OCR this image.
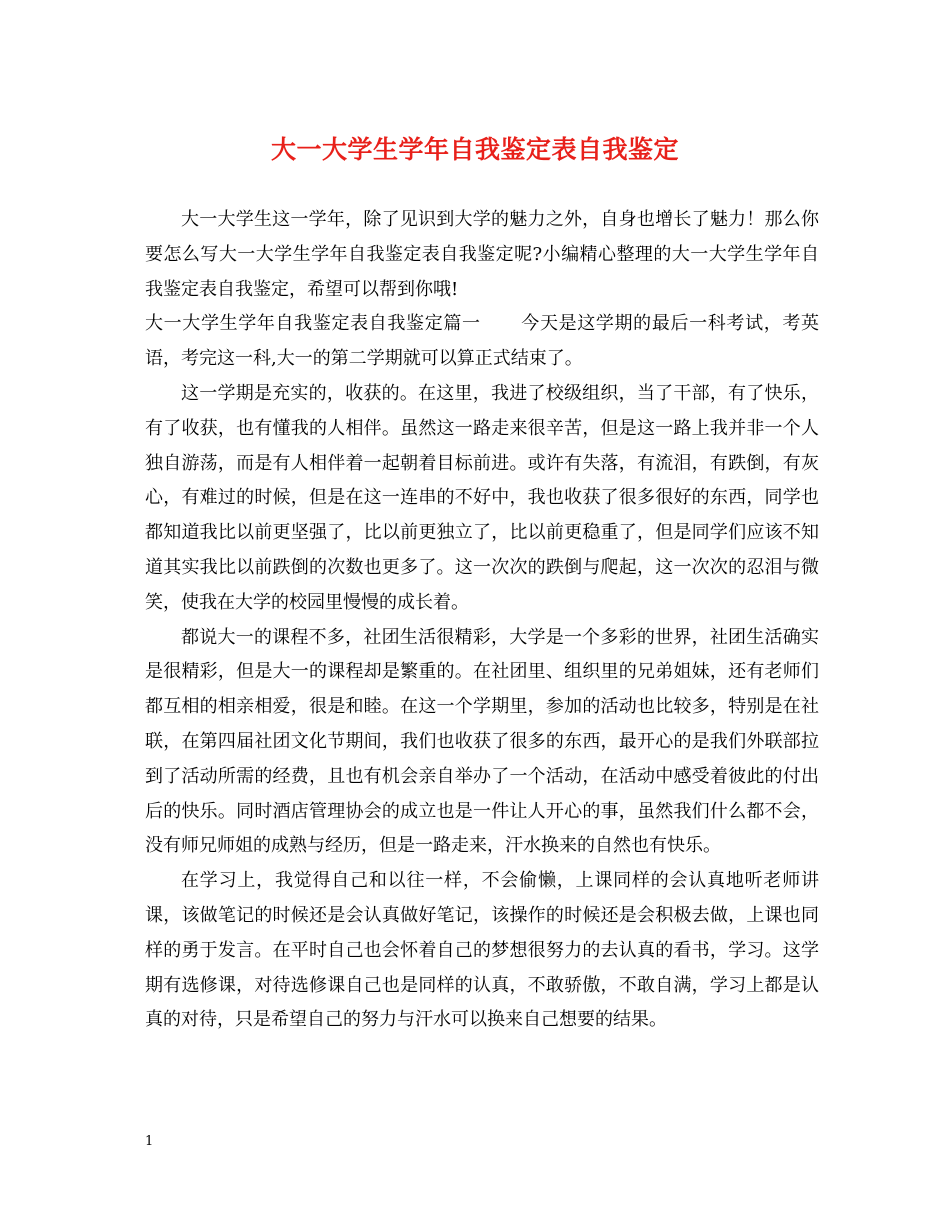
大一大学生学年自我鉴定表自我鉴定

大一大学生这一学年，除了见识到大学的魅力之外，自身也增长了魅力！那么你要怎么写大一大学生学年自我鉴定表自我鉴定呢?小编精心整理的大一大学生学年自我鉴定表自我鉴定，希望可以帮到你哦!

大一大学生学年自我鉴定表自我鉴定篇一 今天是这学期的最后一科考试，考英语，考完这一科,大一的第二学期就可以算正式结束了。

这一学期是充实的，收获的。在这里，我进了校级组织，当了干部，有了快乐，有了收获，也有懂我的人相伴。虽然这一路走来很辛苦，但是这一路上我并非一个人独自游荡，而是有人相伴着一起朝着目标前进。或许有失落，有流泪，有跌倒，有灰心，有难过的时候，但是在这一连串的不好中，我也收获了很多很好的东西，同学也都知道我比以前更坚强了，比以前更独立了，比以前更稳重了，但是同学们应该不知道其实我比以前跌倒的次数也更多了。这一次次的跌倒与爬起，这一次次的忍泪与微笑，使我在大学的校园里慢慢的成长着。

都说大一的课程不多，社团生活很精彩，大学是一个多彩的世界，社团生活确实是很精彩，但是大一的课程却是繁重的。在社团里、组织里的兄弟姐妹，还有老师们都互相的相亲相爱，很是和睦。在这一个学期里，参加的活动也比较多，特别是在社联，在第四届社团文化节期间，我们也收获了很多的东西，最开心的是我们外联部拉到了活动所需的经费，且也有机会亲自举办了一个活动，在活动中感受着彼此的付出后的快乐。同时酒店管理协会的成立也是一件让人开心的事，虽然我们什么都不会，没有师兄师姐的成熟与经历，但是一路走来，汗水换来的自然也有快乐。

在学习上，我觉得自己和以往一样，不会偷懒，上课同样的会认真地听老师讲课，该做笔记的时候还是会认真做好笔记，该操作的时候还是会积极去做，上课也同样的勇于发言。在平时自己也会怀着自己的梦想很努力的去认真的看书，学习。这学期有选修课，对待选修课自己也是同样的认真，不敢骄傲，不敢自满，学习上都是认真的对待，只是希望自己的努力与汗水可以换来自己想要的结果。

1
